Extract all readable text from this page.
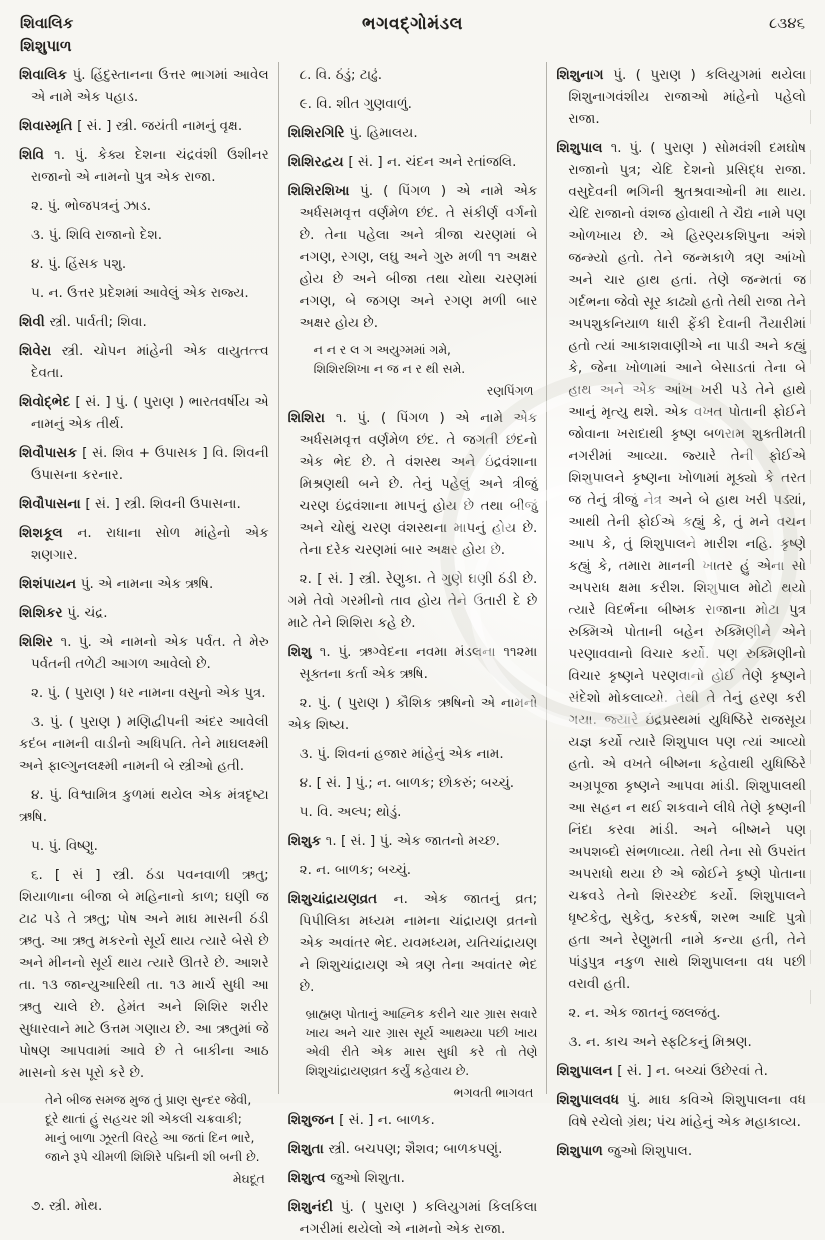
શિવાલિક
શિશુપાળ
ભગવદ્ગોમંડલ	૮૩૪૬

શિવાલિક પું. હિંદુસ્તાનના ઉત્તર ભાગમાં આવેલ એ નામે એક પહાડ.

શિવાસ્મૃતિ [ સં. ] સ્ત્રી. જયંતી નામનું વૃક્ષ.

શિવિ ૧. પું. કેક્ય દેશના ચંદ્રવંશી ઉશીનર રાજાનો એ નામનો પુત્ર એક રાજા.

૨. પું. ભોજપત્રનું ઝાડ.

૩. પું. શિવિ રાજાનો દેશ.

૪. પું. હિંસક પશુ.

૫. ન. ઉત્તર પ્રદેશમાં આવેલું એક રાજ્ય.

શિવી સ્ત્રી. પાર્વતી; શિવા.

શિવેરા સ્ત્રી. ચોપન માંહેની એક વાયુતત્ત્વ દેવતા.

શિવોદ્ભેદ [ સં. ] પું. ( પુરાણ ) ભારતવર્ષીય એ નામનું એક તીર્થ.

શિવૌપાસક [ સં. શિવ + ઉપાસક ] વિ. શિવની ઉપાસના કરનાર.

શિવૌપાસના [ સં. ] સ્ત્રી. શિવની ઉપાસના.

શિશકૂલ ન. રાધાના સોળ માંહેનો એક શણગાર.

શિશંપાયન પું. એ નામના એક ઋષિ.

શિશિકર પું. ચંદ્ર.

શિશિર ૧. પું. એ નામનો એક પર્વત. તે મેરુ પર્વતની તળેટી આગળ આવેલો છે.

૨. પું. ( પુરાણ ) ધર નામના વસુનો એક પુત્ર.

૩. પું. ( પુરાણ ) મણિદ્વીપની અંદર આવેલી કદંબ નામની વાડીનો અધિપતિ. તેને માઘલક્ષ્મી અને ફાલ્ગુનલક્ષ્મી નામની બે સ્ત્રીઓ હતી.

૪. પું. વિશ્વામિત્ર કુળમાં થયેલ એક મંત્રદૃષ્ટા ઋષિ.

૫. પું. વિષ્ણુ.

૬. [ સં ] સ્ત્રી. ઠંડા પવનવાળી ઋતુ; શિયાળાના બીજા બે મહિનાનો કાળ; ઘણી જ ટાઢ પડે તે ઋતુ; પોષ અને માઘ માસની ઠંડી ઋતુ. આ ઋતુ મકરનો સૂર્ય થાય ત્યારે બેસે છે અને મીનનો સૂર્ય થાય ત્યારે ઊતરે છે. આશરે તા. ૧૩ જાન્યુઆરિથી તા. ૧૩ માર્ચ સુધી આ ઋતુ ચાલે છે. હેમંત અને શિશિર શરીર સુધારવાને માટે ઉત્તમ ગણાય છે. આ ઋતુમાં જે પોષણ આપવામાં આવે છે તે બાકીના આઠ માસનો કસ પૂરો કરે છે.

તેને બીજ સમજ મુજ તું પ્રાણ સુન્દર જેવી,
દૂરે થાતાં હું સહચર શી એકલી ચક્રવાકી;
માનું બાળા ઝૂરતી વિરહે આ જતાં દિન ભારે,
જાને રૂપે ચીમળી શિશિરે પદ્મિની શી બની છે.
મેઘદૂત

૭. સ્ત્રી. મોથ.

૮. વિ. ઠંડું; ટાઢું.

૯. વિ. શીત ગુણવાળું.

શિશિરગિરિ પું. હિમાલય.

શિશિરદ્વય [ સં. ] ન. ચંદન અને રતાંજલિ.

શિશિરશિખા પું. ( પિંગળ ) એ નામે એક અર્ધસમવૃત્ત વર્ણમેળ છંદ. તે સંકીર્ણ વર્ગનો છે. તેના પહેલા અને ત્રીજા ચરણમાં બે નગણ, રગણ, લઘુ અને ગુરુ મળી ૧૧ અક્ષર હોય છે અને બીજા તથા ચોથા ચરણમાં નગણ, બે જગણ અને રગણ મળી બાર અક્ષર હોય છે.

ન ન ર લ ગ અયુગ્મમાં ગમે,
શિશિરશિખા ન જ ન ર થી સમે.
રણપિંગળ

શિશિરા ૧. પું. ( પિંગળ ) એ નામે એક અર્ધસમવૃત્ત વર્ણમેળ છંદ. તે જગતી છંદનો એક ભેદ છે. તે વંશસ્થ અને ઇંદ્રવંશાના મિશ્રણથી બને છે. તેનું પહેલું અને ત્રીજું ચરણ ઇંદ્રવંશાના માપનું હોય છે તથા બીજું અને ચોથું ચરણ વંશસ્થના માપનું હોય છે. તેના દરેક ચરણમાં બાર અક્ષર હોય છે.

૨. [ સં. ] સ્ત્રી. રેણુકા. તે ગુણે ઘણી ઠંડી છે. ગમે તેવો ગરમીનો તાવ હોય તેને ઉતારી દે છે માટે તેને શિશિરા કહે છે.

શિશુ ૧. પું. ઋગ્વેદના નવમા મંડલના ૧૧૨મા સૂક્તના કર્તા એક ઋષિ.

૨. પું. ( પુરાણ ) કૌશિક ઋષિનો એ નામનો એક શિષ્ય.

૩. પું. શિવનાં હજાર માંહેનું એક નામ.

૪. [ સં. ] પું.; ન. બાળક; છોકરું; બચ્ચું.

૫. વિ. અલ્પ; થોડું.

શિશુક ૧. [ સં. ] પું. એક જાતનો મચ્છ.

૨. ન. બાળક; બચ્ચું.

શિશુચાંદ્રાયણવ્રત ન. એક જાતનું વ્રત; પિપીલિકા મધ્યમ નામના ચાંદ્રાયણ વ્રતનો એક અવાંતર ભેદ. યવમધ્યમ, યતિચાંદ્રાયણ ને શિશુચાંદ્રાયણ એ ત્રણ તેના અવાંતર ભેદ છે.

બ્રાહ્મણ પોતાનું આહ્નિક કરીને ચાર ગ્રાસ સવારે ખાય અને ચાર ગ્રાસ સૂર્ય આથમ્યા પછી ખાય એવી રીતે એક માસ સુધી કરે તો તેણે શિશુચાંદ્રાયણવ્રત કર્યું કહેવાય છે.
ભગવતી ભાગવત

શિશુજન [ સં. ] ન. બાળક.

શિશુતા સ્ત્રી. બચપણ; શૈશવ; બાળકપણું.

શિશુત્વ જુઓ શિશુતા.

શિશુનંદી પું. ( પુરાણ ) કલિયુગમાં કિલકિલા નગરીમાં થયેલો એ નામનો એક રાજા.

શિશુનાગ પું. ( પુરાણ ) કલિયુગમાં થયેલા શિશુનાગવંશીય રાજાઓ માંહેનો પહેલો રાજા.

શિશુપાલ ૧. પું. ( પુરાણ ) સોમવંશી દમઘોષ રાજાનો પુત્ર; ચેદિ દેશનો પ્રસિદ્ધ રાજા. વસુદેવની ભગિની શ્રુતશ્રવાઓની મા થાય. ચેદિ રાજાનો વંશજ હોવાથી તે ચૈદ્ય નામે પણ ઓળખાય છે. એ હિરણ્યકશિપુના અંશે જન્મ્યો હતો. તેને જન્મકાળે ત્રણ આંખો અને ચાર હાથ હતાં. તેણે જન્મતાં જ ગર્દભના જેવો સૂર કાઢ્યો હતો તેથી રાજા તેને અપશુકનિયાળ ધારી ફેંકી દેવાની તૈયારીમાં હતો ત્યાં આકાશવાણીએ ના પાડી અને કહ્યું કે, જેના ખોળામાં આને બેસાડતાં તેના બે હાથ અને એક આંખ ખરી પડે તેને હાથે આનું મૃત્યુ થશે. એક વખત પોતાની ફોઈને જોવાના ખરાદાથી કૃષ્ણ બળરામ શુક્તીમતી નગરીમાં આવ્યા. જ્યારે તેની ફોઈએ શિશુપાલને કૃષ્ણના ખોળામાં મૂક્યો કે તરત જ તેનું ત્રીજું નેત્ર અને બે હાથ ખરી પડ્યાં, આથી તેની ફોઈએ કહ્યું કે, તું મને વચન આપ કે, તું શિશુપાલને મારીશ નહિ. કૃષ્ણે કહ્યું કે, તમારા માનની ખાતર હું એના સો અપરાધ ક્ષમા કરીશ. શિશુપાલ મોટો થયો ત્યારે વિદર્ભના બીષ્મક રાજાના મોટા પુત્ર રુક્મિએ પોતાની બહેન રુક્મિણીને એને પરણાવવાનો વિચાર કર્યો. પણ રુક્મિણીનો વિચાર કૃષ્ણને પરણવાનો હોઈ તેણે કૃષ્ણને સંદેશો મોકલાવ્યો. તેથી તે તેનું હરણ કરી ગયા. જ્યારે ઇંદ્રપ્રસ્થમાં યુધિષ્ઠિરે રાજસૂય યજ્ઞ કર્યો ત્યારે શિશુપાલ પણ ત્યાં આવ્યો હતો. એ વખતે બીષ્મના કહેવાથી યુધિષ્ઠિરે અગ્રપૂજા કૃષ્ણને આપવા માંડી. શિશુપાલથી આ સહન ન થઈ શકવાને લીધે તેણે કૃષ્ણની નિંદા કરવા માંડી. અને બીષ્મને પણ અપશબ્દો સંભળાવ્યા. તેથી તેના સો ઉપરાંત અપરાધો થયા છે એ જોઈને કૃષ્ણે પોતાના ચક્રવડે તેનો શિરચ્છેદ કર્યો. શિશુપાલને ધૃષ્ટકેતુ, સુકેતુ, કરકર્ષ, શરભ આદિ પુત્રો હતા અને રેણુમતી નામે કન્યા હતી, તેને પાંડુપુત્ર નકુળ સાથે શિશુપાલના વધ પછી વરાવી હતી.

૨. ન. એક જાતનું જલજંતુ.

૩. ન. કાચ અને સ્ફટિકનું મિશ્રણ.

શિશુપાલન [ સં. ] ન. બચ્ચાં ઉછેરવાં તે.

શિશુપાલવધ પું. માઘ કવિએ શિશુપાલના વધ વિષે રચેલો ગ્રંથ; પંચ માંહેનું એક મહાકાવ્ય.

શિશુપાળ જુઓ શિશુપાલ.
